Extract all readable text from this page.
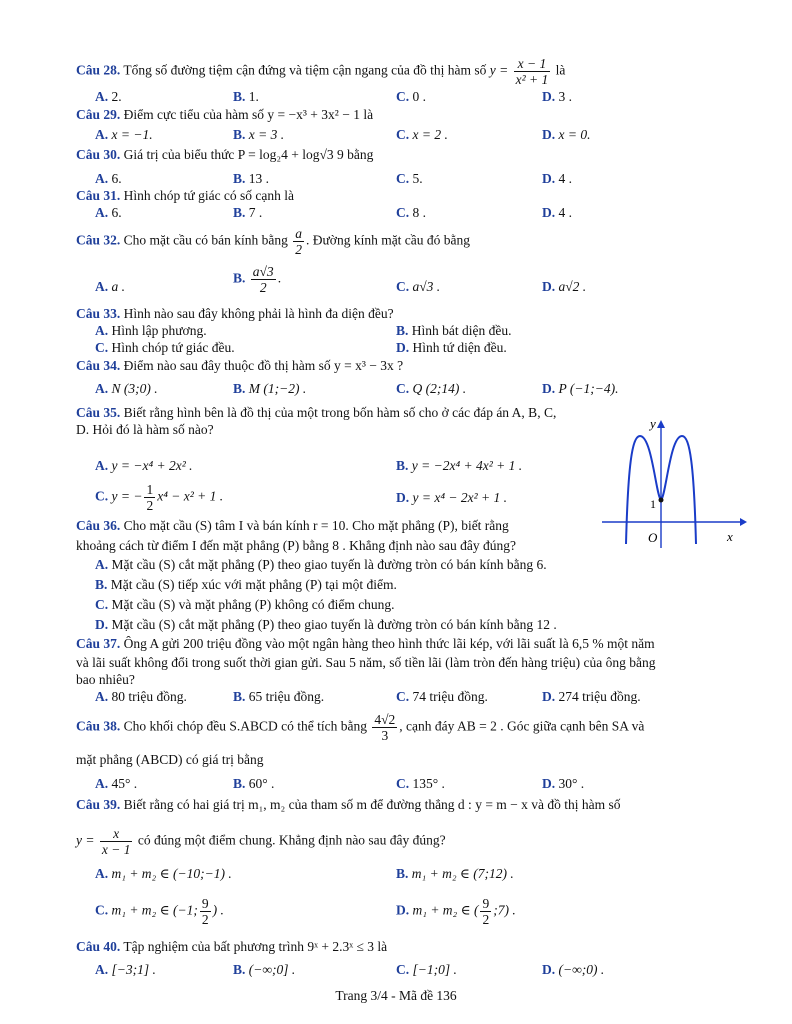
Câu 28. Tổng số đường tiệm cận đứng và tiệm cận ngang của đồ thị hàm số $y = \frac{x - 1}{\text{x² + 1}}$ là
A. 2.	B. 1.	C. 0 .	D. 3 .
Câu 29. Điểm cực tiểu của hàm số y = −x³ + 3x² − 1 là
A. x = −1.	B. x = 3 .	C. x = 2 .	D. x = 0.
Câu 30. Giá trị của biểu thức P = log₂4 + log√3 9 bằng
A. 6.	B. 13 .	C. 5.	D. 4 .
Câu 31. Hình chóp tứ giác có số cạnh là
A. 6.	B. 7 .	C. 8 .	D. 4 .
Câu 32. Cho mặt cầu có bán kính bằng $\frac{a}{2}$ . Đường kính mặt cầu đó bằng
A. a .
B. $\frac{a√3}{2}$ .
C. a√3 .	D. a√2 .
Câu 33. Hình nào sau đây không phải là hình đa diện đều?
A. Hình lập phương.	B. Hình bát diện đều.
C. Hình chóp tứ giác đều.	D. Hình tứ diện đều.
Câu 34. Điểm nào sau đây thuộc đồ thị hàm số y = x³ − 3x ?
A. N (3;0) .	B. M (1;−2) .	C. Q (2;14) .	D. P (−1;−4).
Câu 35. Biết rằng hình bên là đồ thị của một trong bốn hàm số cho ở các đáp án A, B, C,
D. Hỏi đó là hàm số nào?
A. y = −x⁴ + 2x² .	B. y = −2x⁴ + 4x² + 1 .
C. y = − $\frac{1}{2} x^4 - x^2 + 1$ .	D. y = x⁴ − 2x² + 1 .
y
x
O
1
Câu 36. Cho mặt cầu (S) tâm I và bán kính r = 10. Cho mặt phẳng (P), biết rằng
khoảng cách từ điểm I đến mặt phẳng (P) bằng 8 . Khẳng định nào sau đây đúng?
A. Mặt cầu (S) cắt mặt phẳng (P) theo giao tuyến là đường tròn có bán kính bằng 6.
B. Mặt cầu (S) tiếp xúc với mặt phẳng (P) tại một điểm.
C. Mặt cầu (S) và mặt phẳng (P) không có điểm chung.
D. Mặt cầu (S) cắt mặt phẳng (P) theo giao tuyến là đường tròn có bán kính bằng 12 .
Câu 37. Ông A gửi 200 triệu đồng vào một ngân hàng theo hình thức lãi kép, với lãi suất là 6,5 % một năm
và lãi suất không đổi trong suốt thời gian gửi. Sau 5 năm, số tiền lãi (làm tròn đến hàng triệu) của ông bằng
bao nhiêu?
A. 80 triệu đồng.	B. 65 triệu đồng.	C. 74 triệu đồng.	D. 274 triệu đồng.
Câu 38. Cho khối chóp đều S.ABCD có thể tích bằng $\frac{4√2}{3}$ , cạnh đáy AB = 2 . Góc giữa cạnh bên SA và
mặt phẳng (ABCD) có giá trị bằng
A. 45° .	B. 60° .	C. 135° .	D. 30° .
Câu 39. Biết rằng có hai giá trị m₁, m₂ của tham số m để đường thẳng d : y = m − x và đồ thị hàm số
$y = \frac{x}{x - 1}$ có đúng một điểm chung. Khẳng định nào sau đây đúng?
A. m₁ + m₂ ∈ (−10;−1) .	B. m₁ + m₂ ∈ (7;12) .
C. m₁ + m₂ ∈ (−1; $\frac{9}{2}$ ) .	D. m₁ + m₂ ∈ ( $\frac{9}{2}$ ;7) .
Câu 40. Tập nghiệm của bất phương trình 9ˣ + 2.3ˣ ≤ 3 là
A. [−3;1] .	B. (−∞;0] .	C. [−1;0] .	D. (−∞;0) .
Trang 3/4 - Mã đề 136
